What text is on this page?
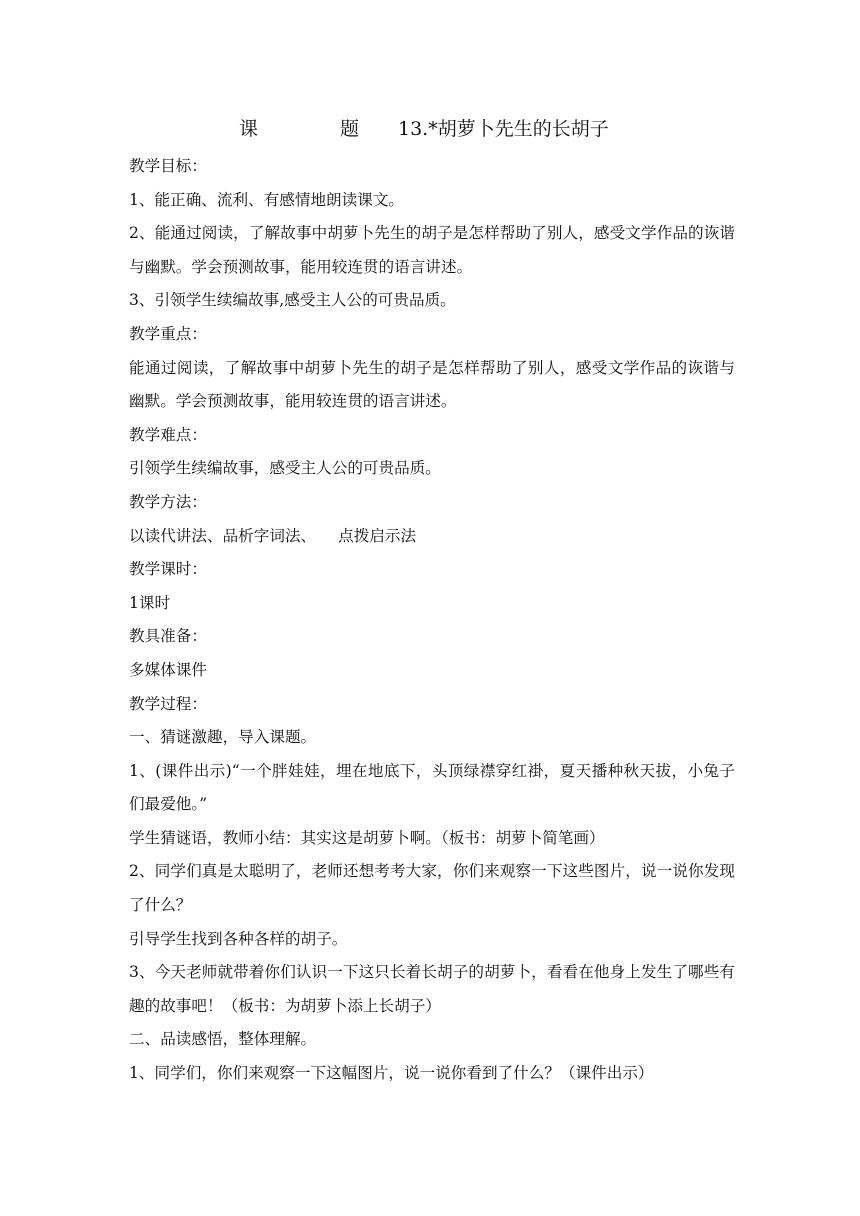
课	题 13.*胡萝卜先生的长胡子

教学目标：

1、能正确、流利、有感情地朗读课文。

2、能通过阅读，了解故事中胡萝卜先生的胡子是怎样帮助了别人，感受文学作品的诙谐与幽默。学会预测故事，能用较连贯的语言讲述。

3、引领学生续编故事,感受主人公的可贵品质。

教学重点：

能通过阅读，了解故事中胡萝卜先生的胡子是怎样帮助了别人，感受文学作品的诙谐与幽默。学会预测故事，能用较连贯的语言讲述。

教学难点：

引领学生续编故事，感受主人公的可贵品质。

教学方法：

以读代讲法、品析字词法、 点拨启示法

教学课时：

1课时

教具准备：

多媒体课件

教学过程：

一、猜谜激趣，导入课题。

1、(课件出示)“一个胖娃娃，埋在地底下，头顶绿襟穿红褂，夏天播种秋天拔，小兔子们最爱他。”

学生猜谜语，教师小结：其实这是胡萝卜啊。（板书：胡萝卜简笔画）

2、同学们真是太聪明了，老师还想考考大家，你们来观察一下这些图片，说一说你发现了什么？

引导学生找到各种各样的胡子。

3、今天老师就带着你们认识一下这只长着长胡子的胡萝卜，看看在他身上发生了哪些有趣的故事吧！（板书：为胡萝卜添上长胡子）

二、品读感悟，整体理解。

1、同学们，你们来观察一下这幅图片，说一说你看到了什么？（课件出示）
